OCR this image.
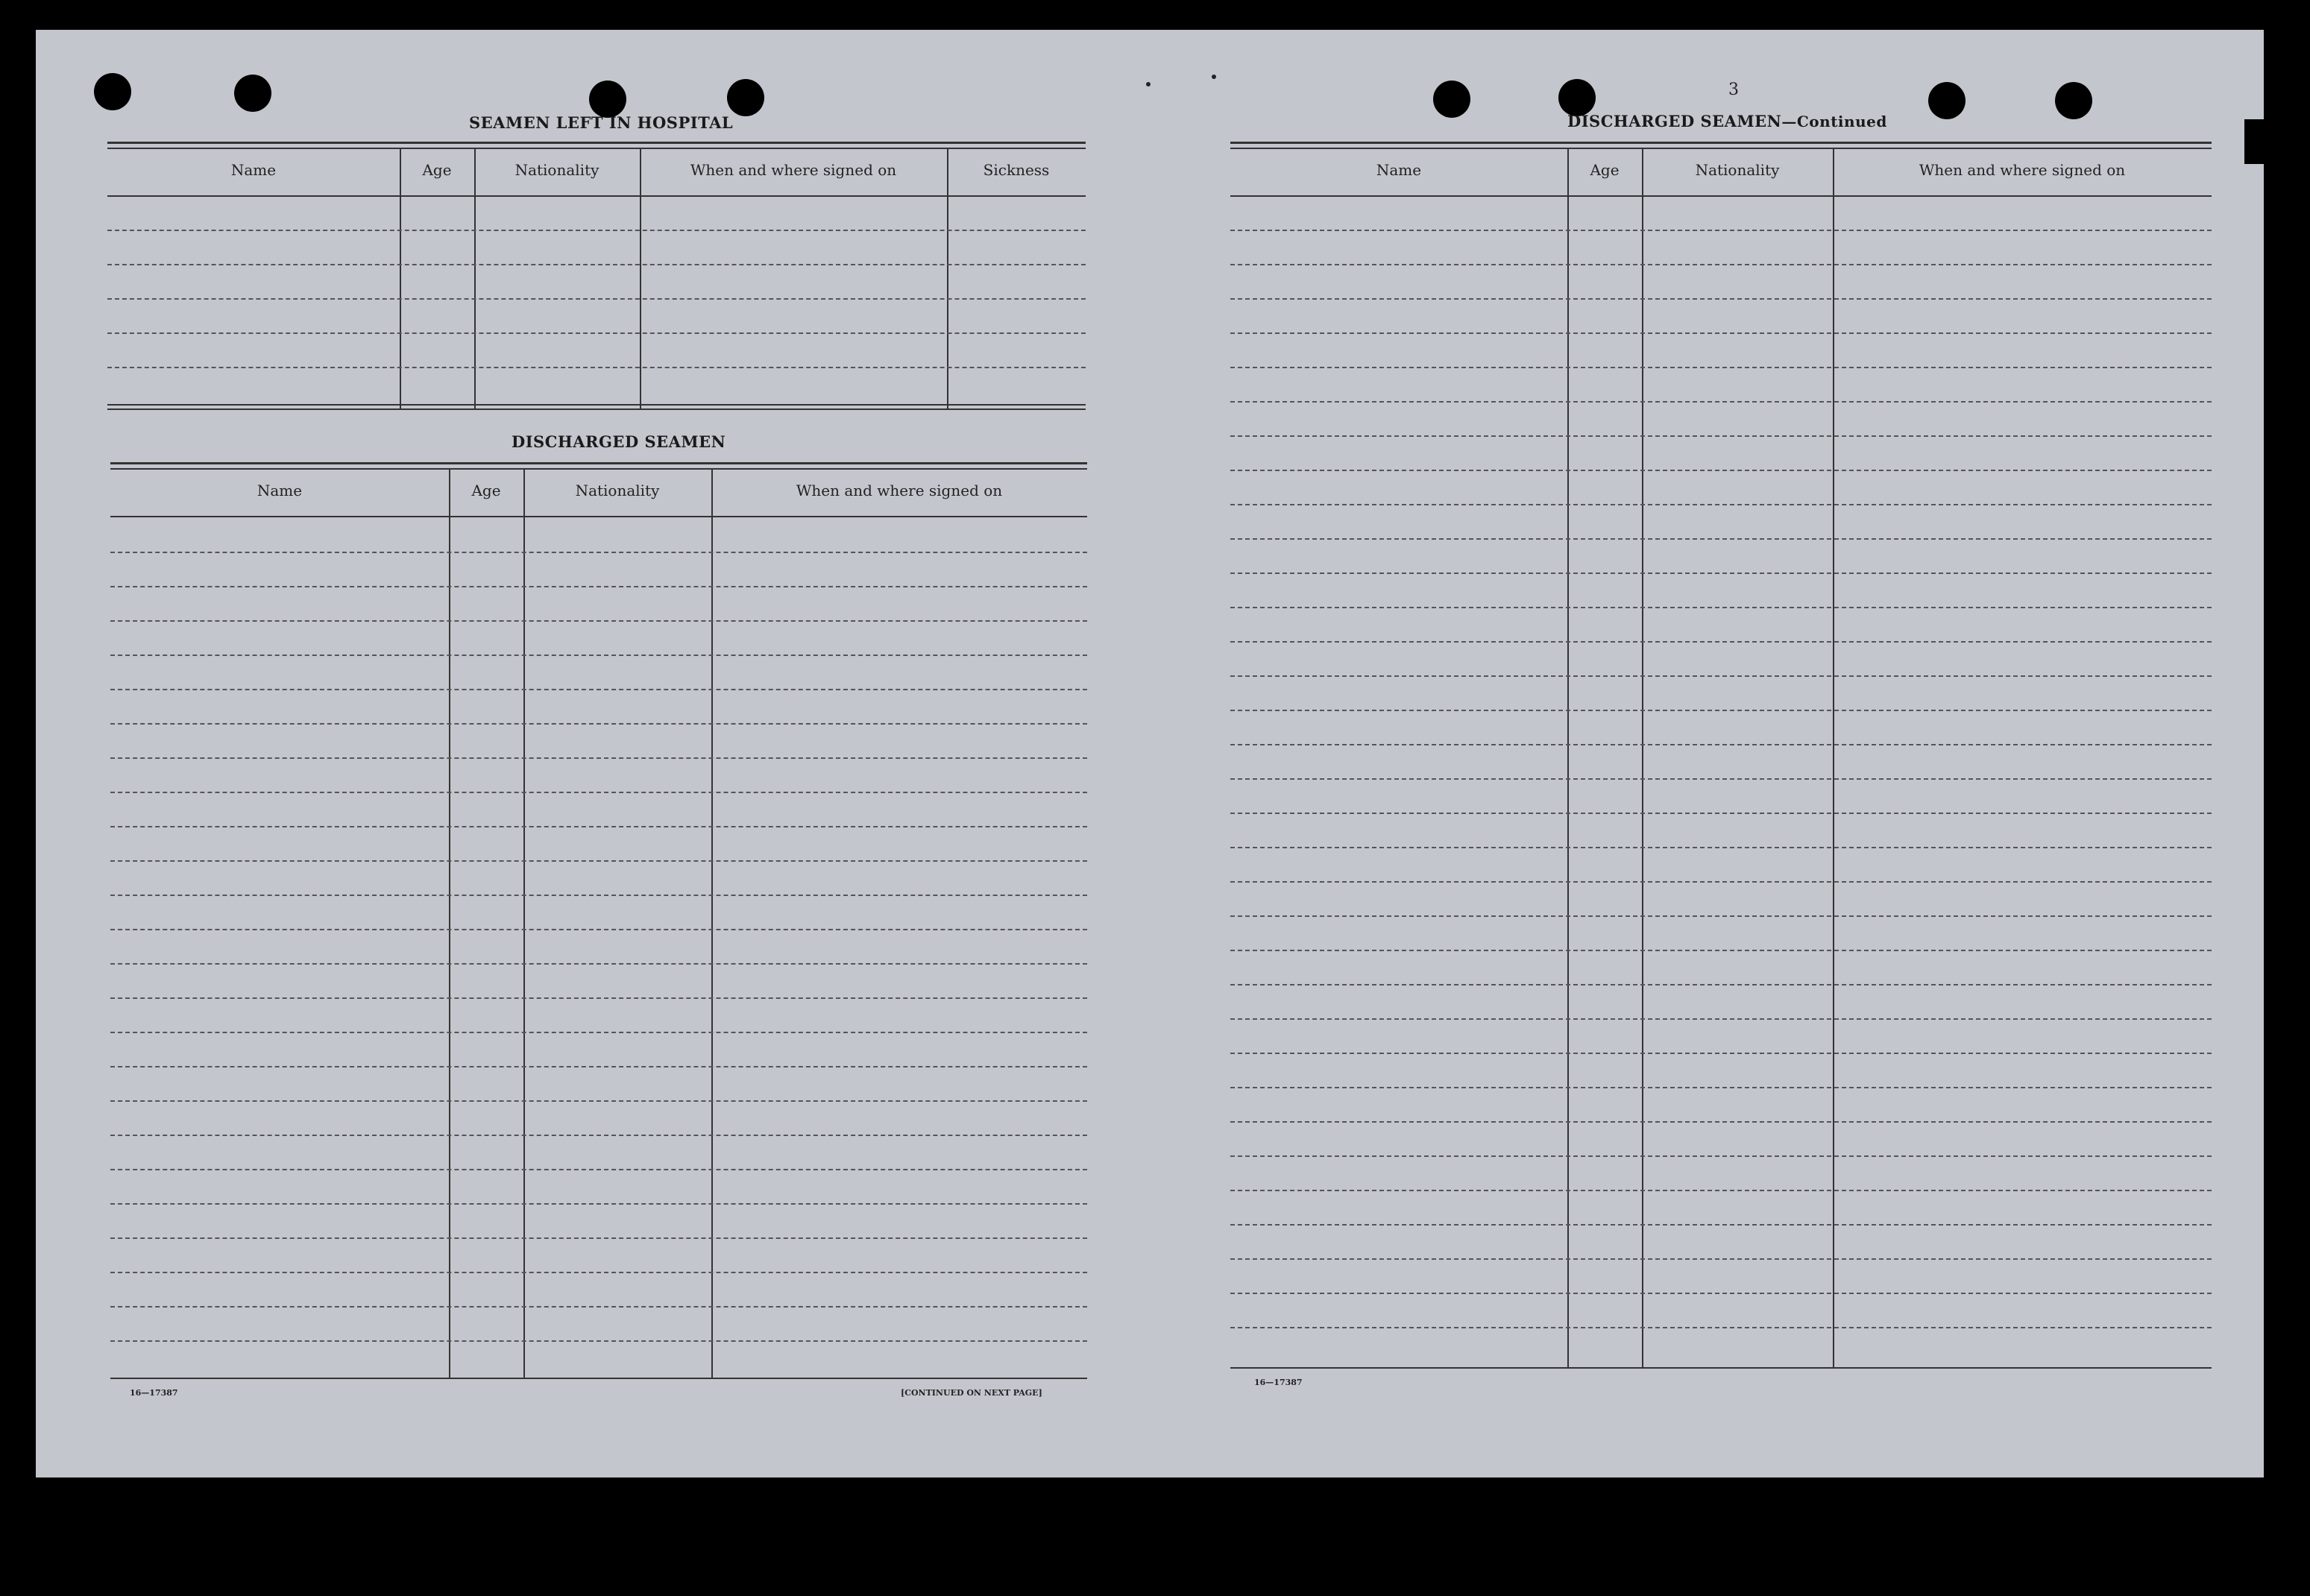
SEAMEN LEFT IN HOSPITAL
Name	Age	Nationality	When and where signed on	Sickness
DISCHARGED SEAMEN
Name	Age	Nationality	When and where signed on
16—17387	[CONTINUED ON NEXT PAGE]
3
DISCHARGED SEAMEN—Continued
Name	Age	Nationality	When and where signed on
16—17387
